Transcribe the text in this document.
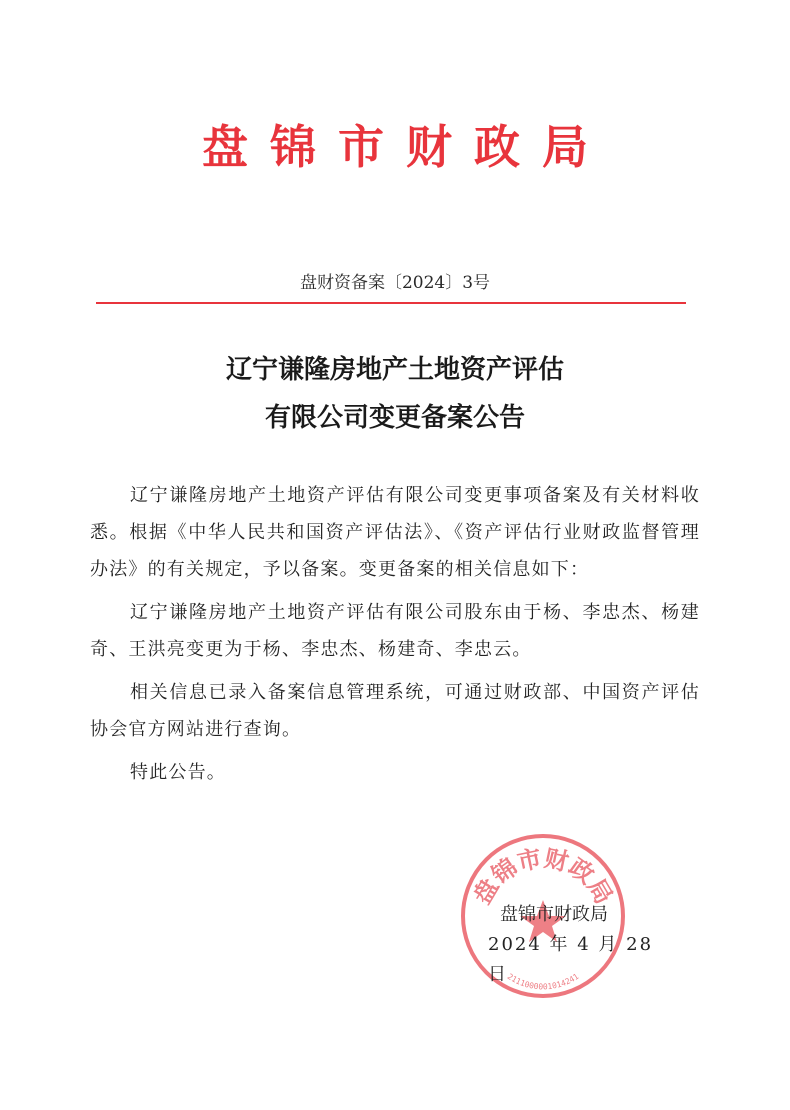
盘锦市财政局
盘财资备案〔2024〕3号
辽宁谦隆房地产土地资产评估
有限公司变更备案公告

辽宁谦隆房地产土地资产评估有限公司变更事项备案及有关材料收悉。根据《中华人民共和国资产评估法》、《资产评估行业财政监督管理办法》的有关规定，予以备案。变更备案的相关信息如下：

辽宁谦隆房地产土地资产评估有限公司股东由于杨、李忠杰、杨建奇、王洪亮变更为于杨、李忠杰、杨建奇、李忠云。

相关信息已录入备案信息管理系统，可通过财政部、中国资产评估协会官方网站进行查询。

特此公告。

盘锦市财政局
2111000001014241
盘锦市财政局
2024 年 4 月 28 日
